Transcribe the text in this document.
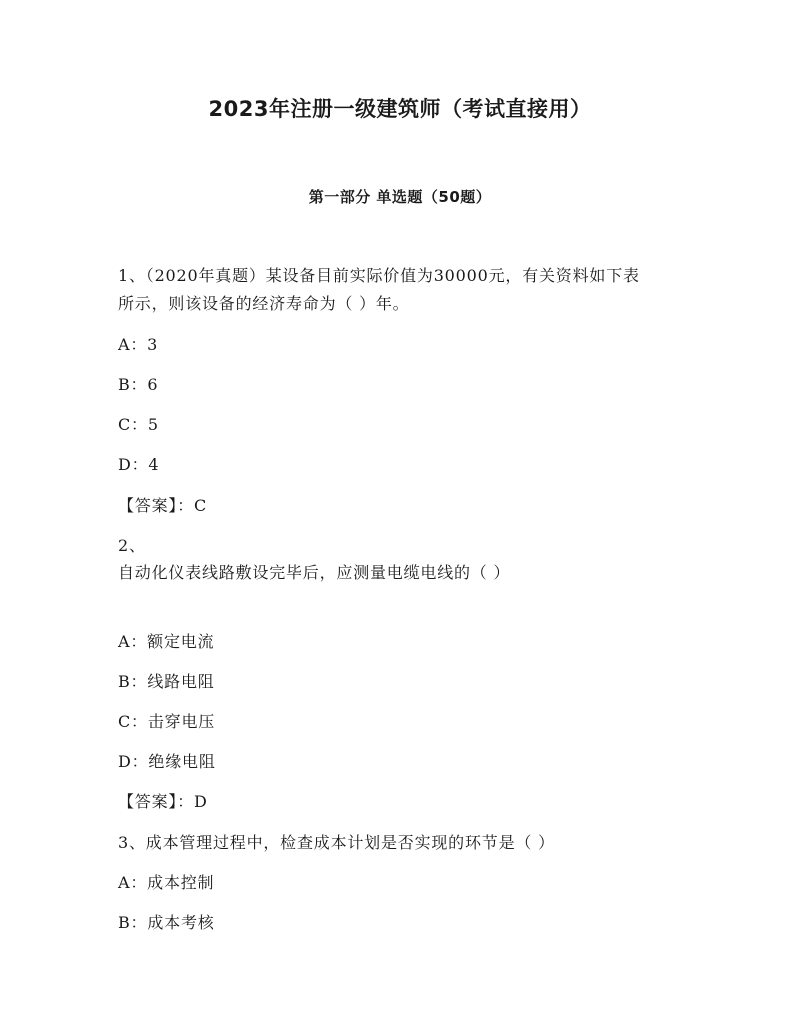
2023年注册一级建筑师（考试直接用）
第一部分 单选题（50题）
1、（2020年真题）某设备目前实际价值为30000元，有关资料如下表
所示，则该设备的经济寿命为（ ）年。
A：3
B：6
C：5
D：4
【答案】：C
2、
自动化仪表线路敷设完毕后，应测量电缆电线的（ ）
A：额定电流
B：线路电阻
C：击穿电压
D：绝缘电阻
【答案】：D
3、成本管理过程中，检查成本计划是否实现的环节是（ ）
A：成本控制
B：成本考核
